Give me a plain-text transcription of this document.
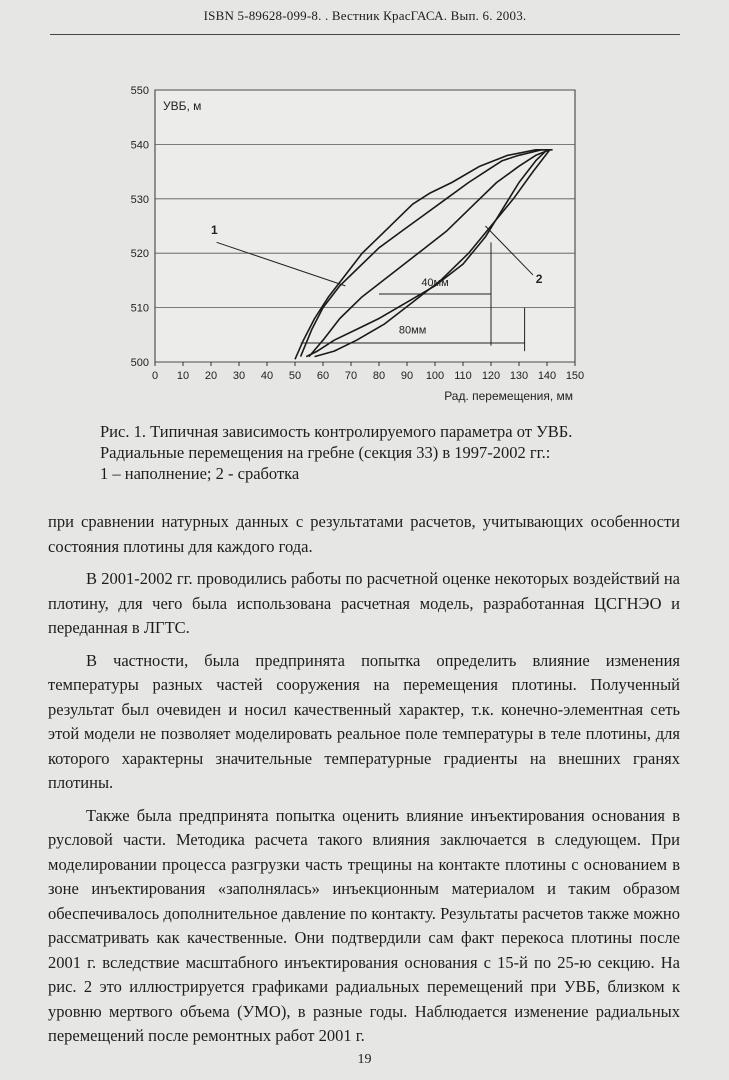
ISBN 5-89628-099-8. . Вестник КрасГАСА. Вып. 6. 2003.
500
510
520
530
540
550
0 10 20 30 40 50 60 70 80 90 100 110 120 130 140 150
УВБ, м
Рад. перемещения, мм
1
2
40мм
80мм
Рис. 1. Типичная зависимость контролируемого параметра от УВБ.
Радиальные перемещения на гребне (секция 33) в 1997-2002 гг.:
1 – наполнение; 2 - сработка

при сравнении натурных данных с результатами расчетов, учитывающих особенности состояния плотины для каждого года.

В 2001-2002 гг. проводились работы по расчетной оценке некоторых воздействий на плотину, для чего была использована расчетная модель, разработанная ЦСГНЭО и переданная в ЛГТС.

В частности, была предпринята попытка определить влияние изменения температуры разных частей сооружения на перемещения плотины. Полученный результат был очевиден и носил качественный характер, т.к. конечно-элементная сеть этой модели не позволяет моделировать реальное поле температуры в теле плотины, для которого характерны значительные температурные градиенты на внешних гранях плотины.

Также была предпринята попытка оценить влияние инъектирования основания в русловой части. Методика расчета такого влияния заключается в следующем. При моделировании процесса разгрузки часть трещины на контакте плотины с основанием в зоне инъектирования «заполнялась» инъекционным материалом и таким образом обеспечивалось дополнительное давление по контакту. Результаты расчетов также можно рассматривать как качественные. Они подтвердили сам факт перекоса плотины после 2001 г. вследствие масштабного инъектирования основания с 15-й по 25-ю секцию. На рис. 2 это иллюстрируется графиками радиальных перемещений при УВБ, близком к уровню мертвого объема (УМО), в разные годы. Наблюдается изменение радиальных перемещений после ремонтных работ 2001 г.

19
